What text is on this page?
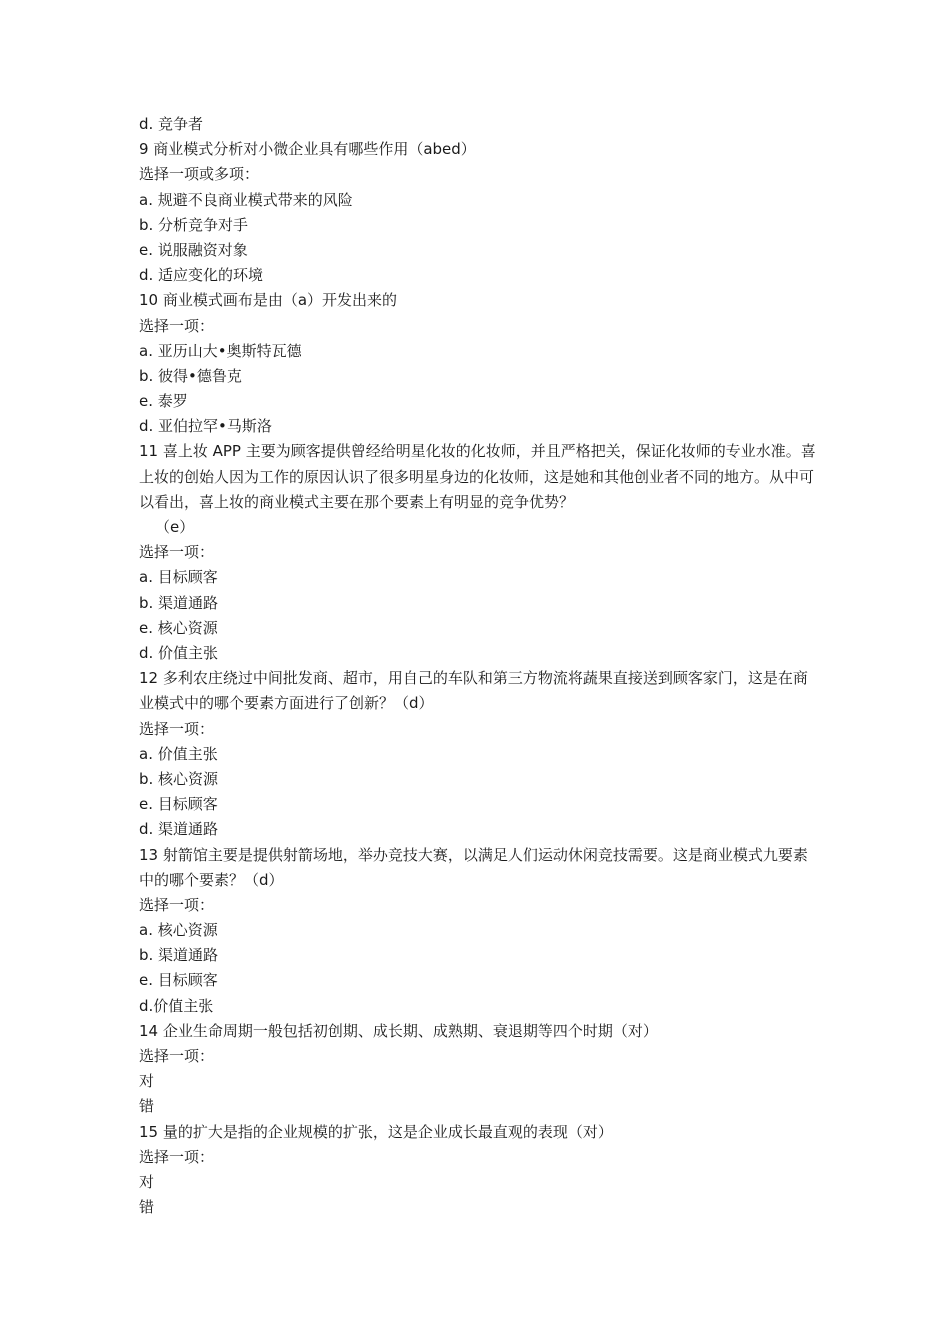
d. 竞争者
9 商业模式分析对小微企业具有哪些作用（abed）
选择一项或多项：
a. 规避不良商业模式带来的风险
b. 分析竞争对手
e. 说服融资对象
d. 适应变化的环境
10 商业模式画布是由（a）开发出来的
选择一项：
a. 亚历山大•奥斯特瓦德
b. 彼得•德鲁克
e. 泰罗
d. 亚伯拉罕•马斯洛
11 喜上妆 APP 主要为顾客提供曾经给明星化妆的化妆师，并且严格把关，保证化妆师的专业水准。喜上妆的创始人因为工作的原因认识了很多明星身边的化妆师，这是她和其他创业者不同的地方。从中可以看出，喜上妆的商业模式主要在那个要素上有明显的竞争优势？
（e）
选择一项：
a. 目标顾客
b. 渠道通路
e. 核心资源
d. 价值主张
12 多利农庄绕过中间批发商、超市，用自己的车队和第三方物流将蔬果直接送到顾客家门，这是在商业模式中的哪个要素方面进行了创新？（d）
选择一项：
a. 价值主张
b. 核心资源
e. 目标顾客
d. 渠道通路
13 射箭馆主要是提供射箭场地，举办竞技大赛，以满足人们运动休闲竞技需要。这是商业模式九要素中的哪个要素？（d）
选择一项：
a. 核心资源
b. 渠道通路
e. 目标顾客
d.价值主张
14 企业生命周期一般包括初创期、成长期、成熟期、衰退期等四个时期（对）
选择一项：
对
错
15 量的扩大是指的企业规模的扩张，这是企业成长最直观的表现（对）
选择一项：
对
错
